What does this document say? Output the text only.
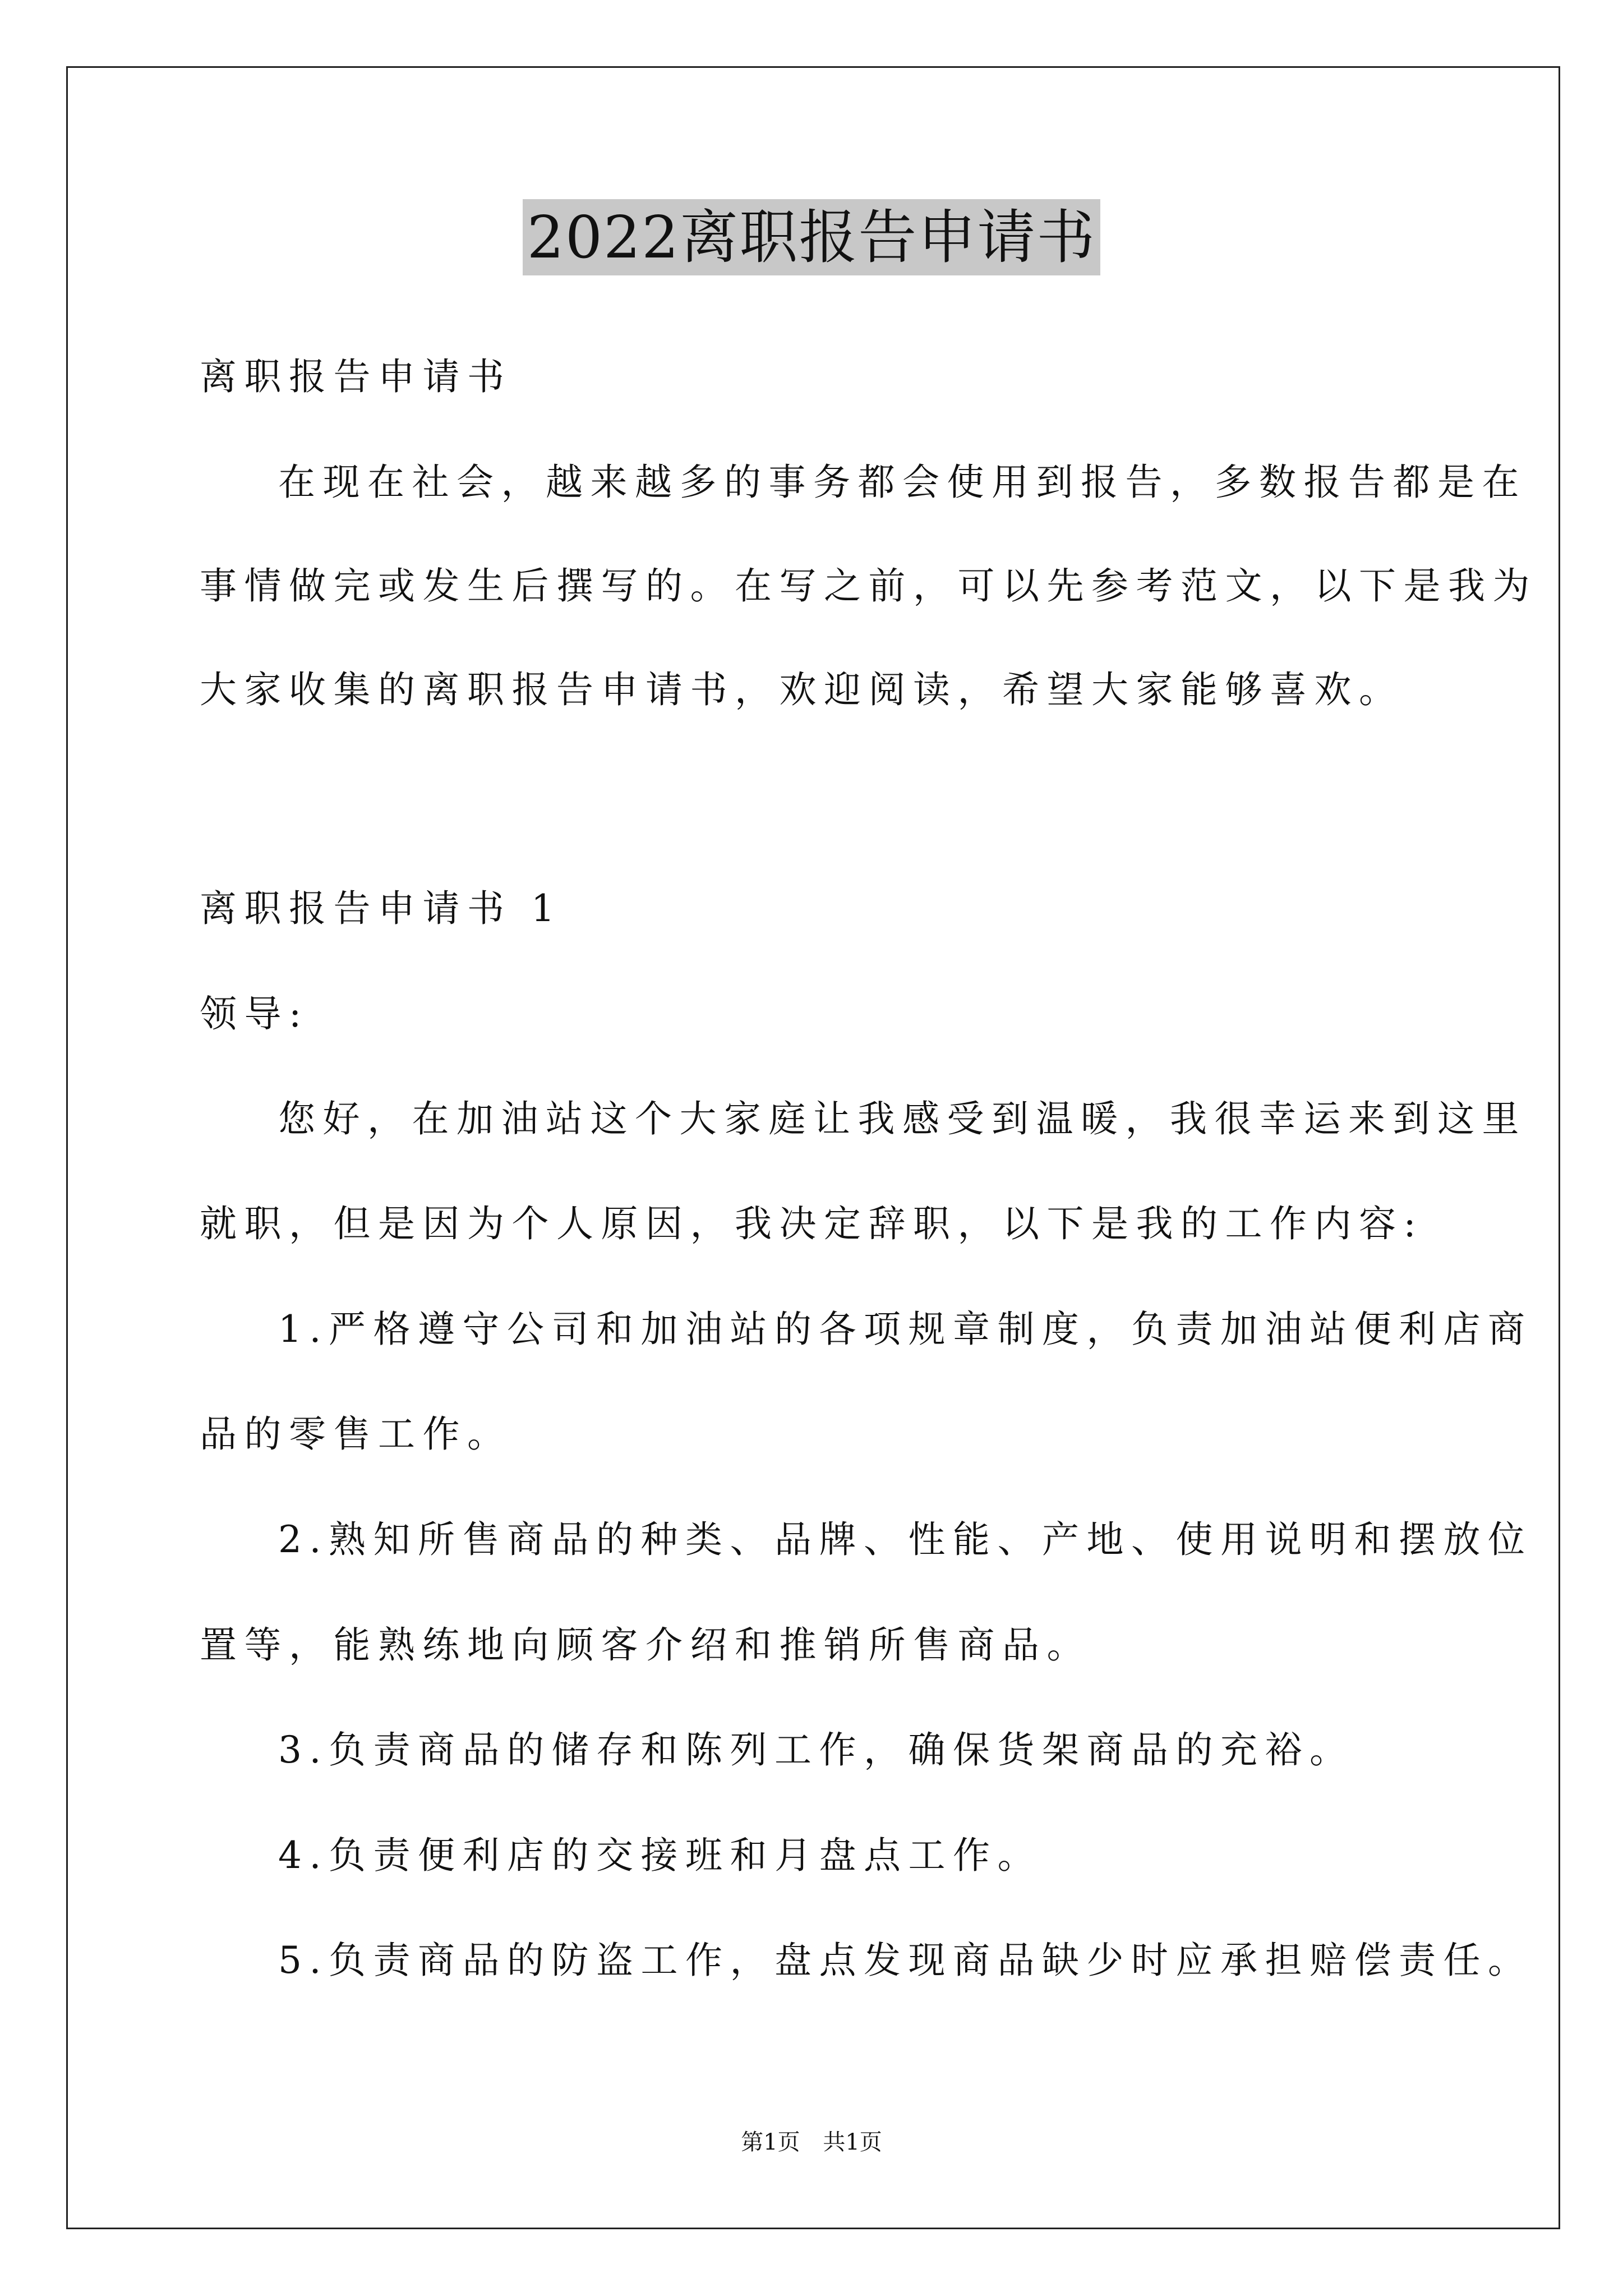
2022离职报告申请书
离职报告申请书
在现在社会，越来越多的事务都会使用到报告，多数报告都是在
事情做完或发生后撰写的。在写之前，可以先参考范文，以下是我为
大家收集的离职报告申请书，欢迎阅读，希望大家能够喜欢。
离职报告申请书 1
领导:
您好，在加油站这个大家庭让我感受到温暖，我很幸运来到这里
就职，但是因为个人原因，我决定辞职，以下是我的工作内容:
1.严格遵守公司和加油站的各项规章制度，负责加油站便利店商
品的零售工作。
2.熟知所售商品的种类、品牌、性能、产地、使用说明和摆放位
置等，能熟练地向顾客介绍和推销所售商品。
3.负责商品的储存和陈列工作，确保货架商品的充裕。
4.负责便利店的交接班和月盘点工作。
5.负责商品的防盗工作，盘点发现商品缺少时应承担赔偿责任。
第1页 共1页
